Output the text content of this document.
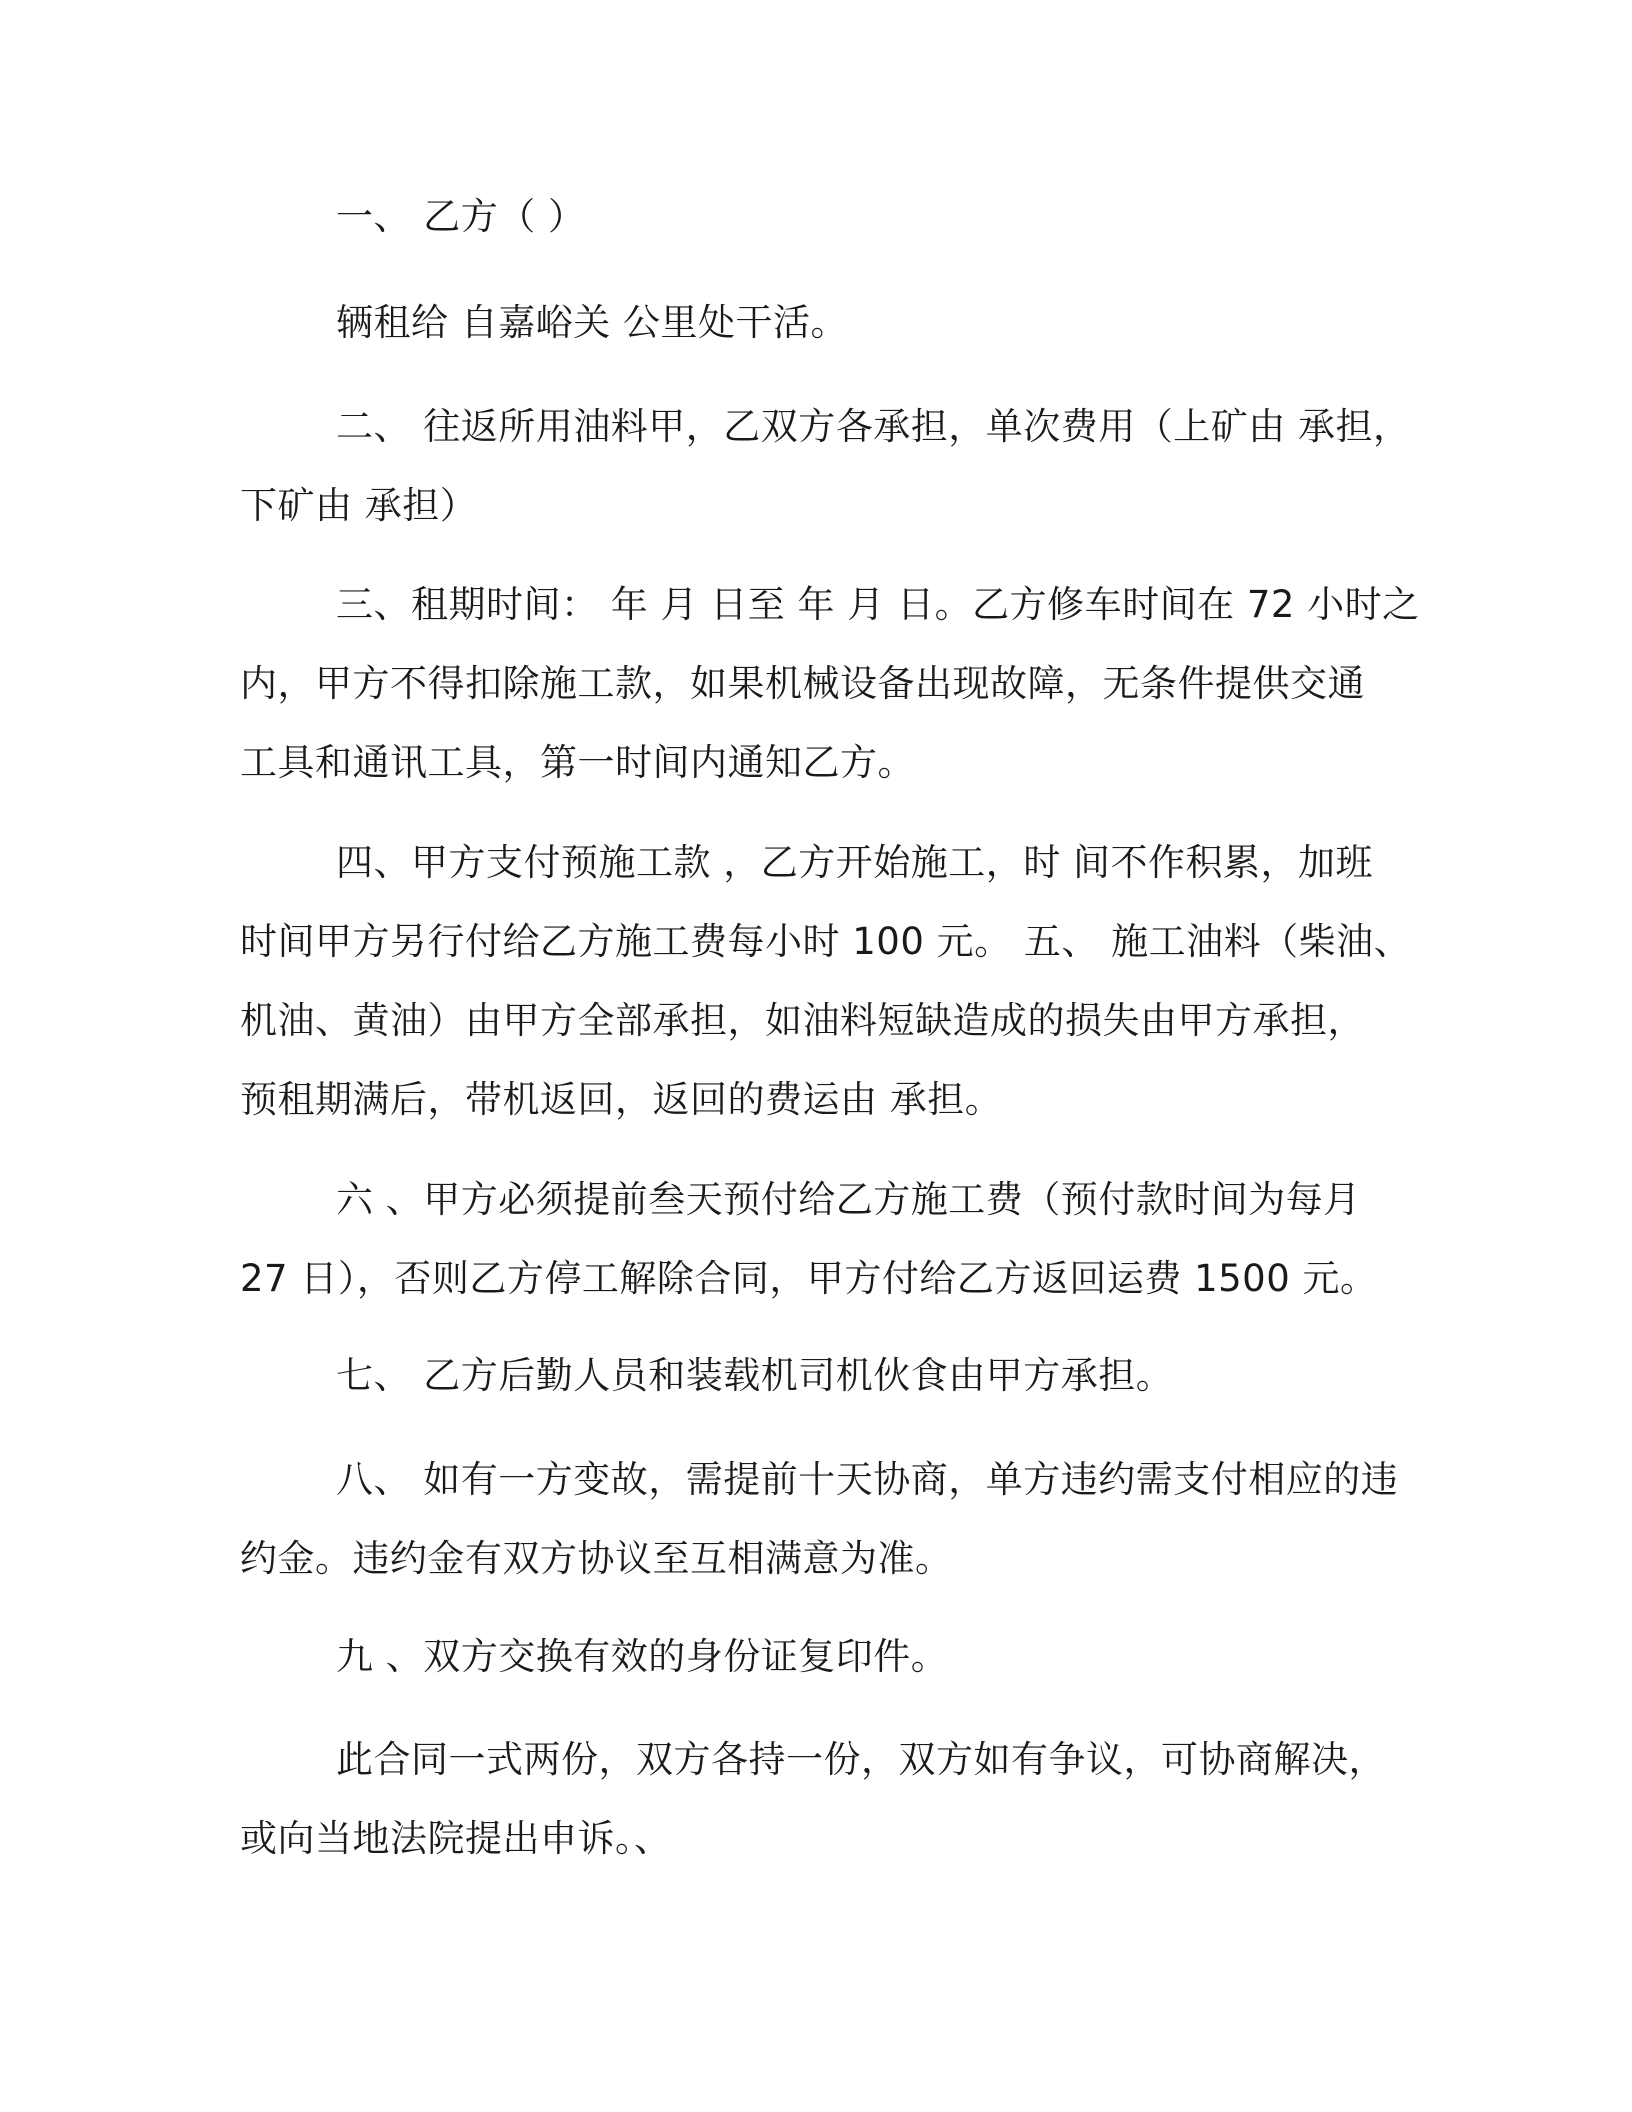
一、 乙方（ ）
辆租给 自嘉峪关 公里处干活。
二、 往返所用油料甲，乙双方各承担，单次费用（上矿由 承担，
下矿由 承担）
三、租期时间： 年 月 日至 年 月 日。乙方修车时间在 72 小时之
内，甲方不得扣除施工款，如果机械设备出现故障，无条件提供交通
工具和通讯工具，第一时间内通知乙方。
四、甲方支付预施工款 ，乙方开始施工，时 间不作积累，加班
时间甲方另行付给乙方施工费每小时 100 元。 五、 施工油料（柴油、
机油、黄油）由甲方全部承担，如油料短缺造成的损失由甲方承担，
预租期满后，带机返回，返回的费运由 承担。
六 、甲方必须提前叁天预付给乙方施工费（预付款时间为每月
27 日），否则乙方停工解除合同，甲方付给乙方返回运费 1500 元。
七、 乙方后勤人员和装载机司机伙食由甲方承担。
八、 如有一方变故，需提前十天协商，单方违约需支付相应的违
约金。违约金有双方协议至互相满意为准。
九 、双方交换有效的身份证复印件。
此合同一式两份，双方各持一份，双方如有争议，可协商解决，
或向当地法院提出申诉。、
